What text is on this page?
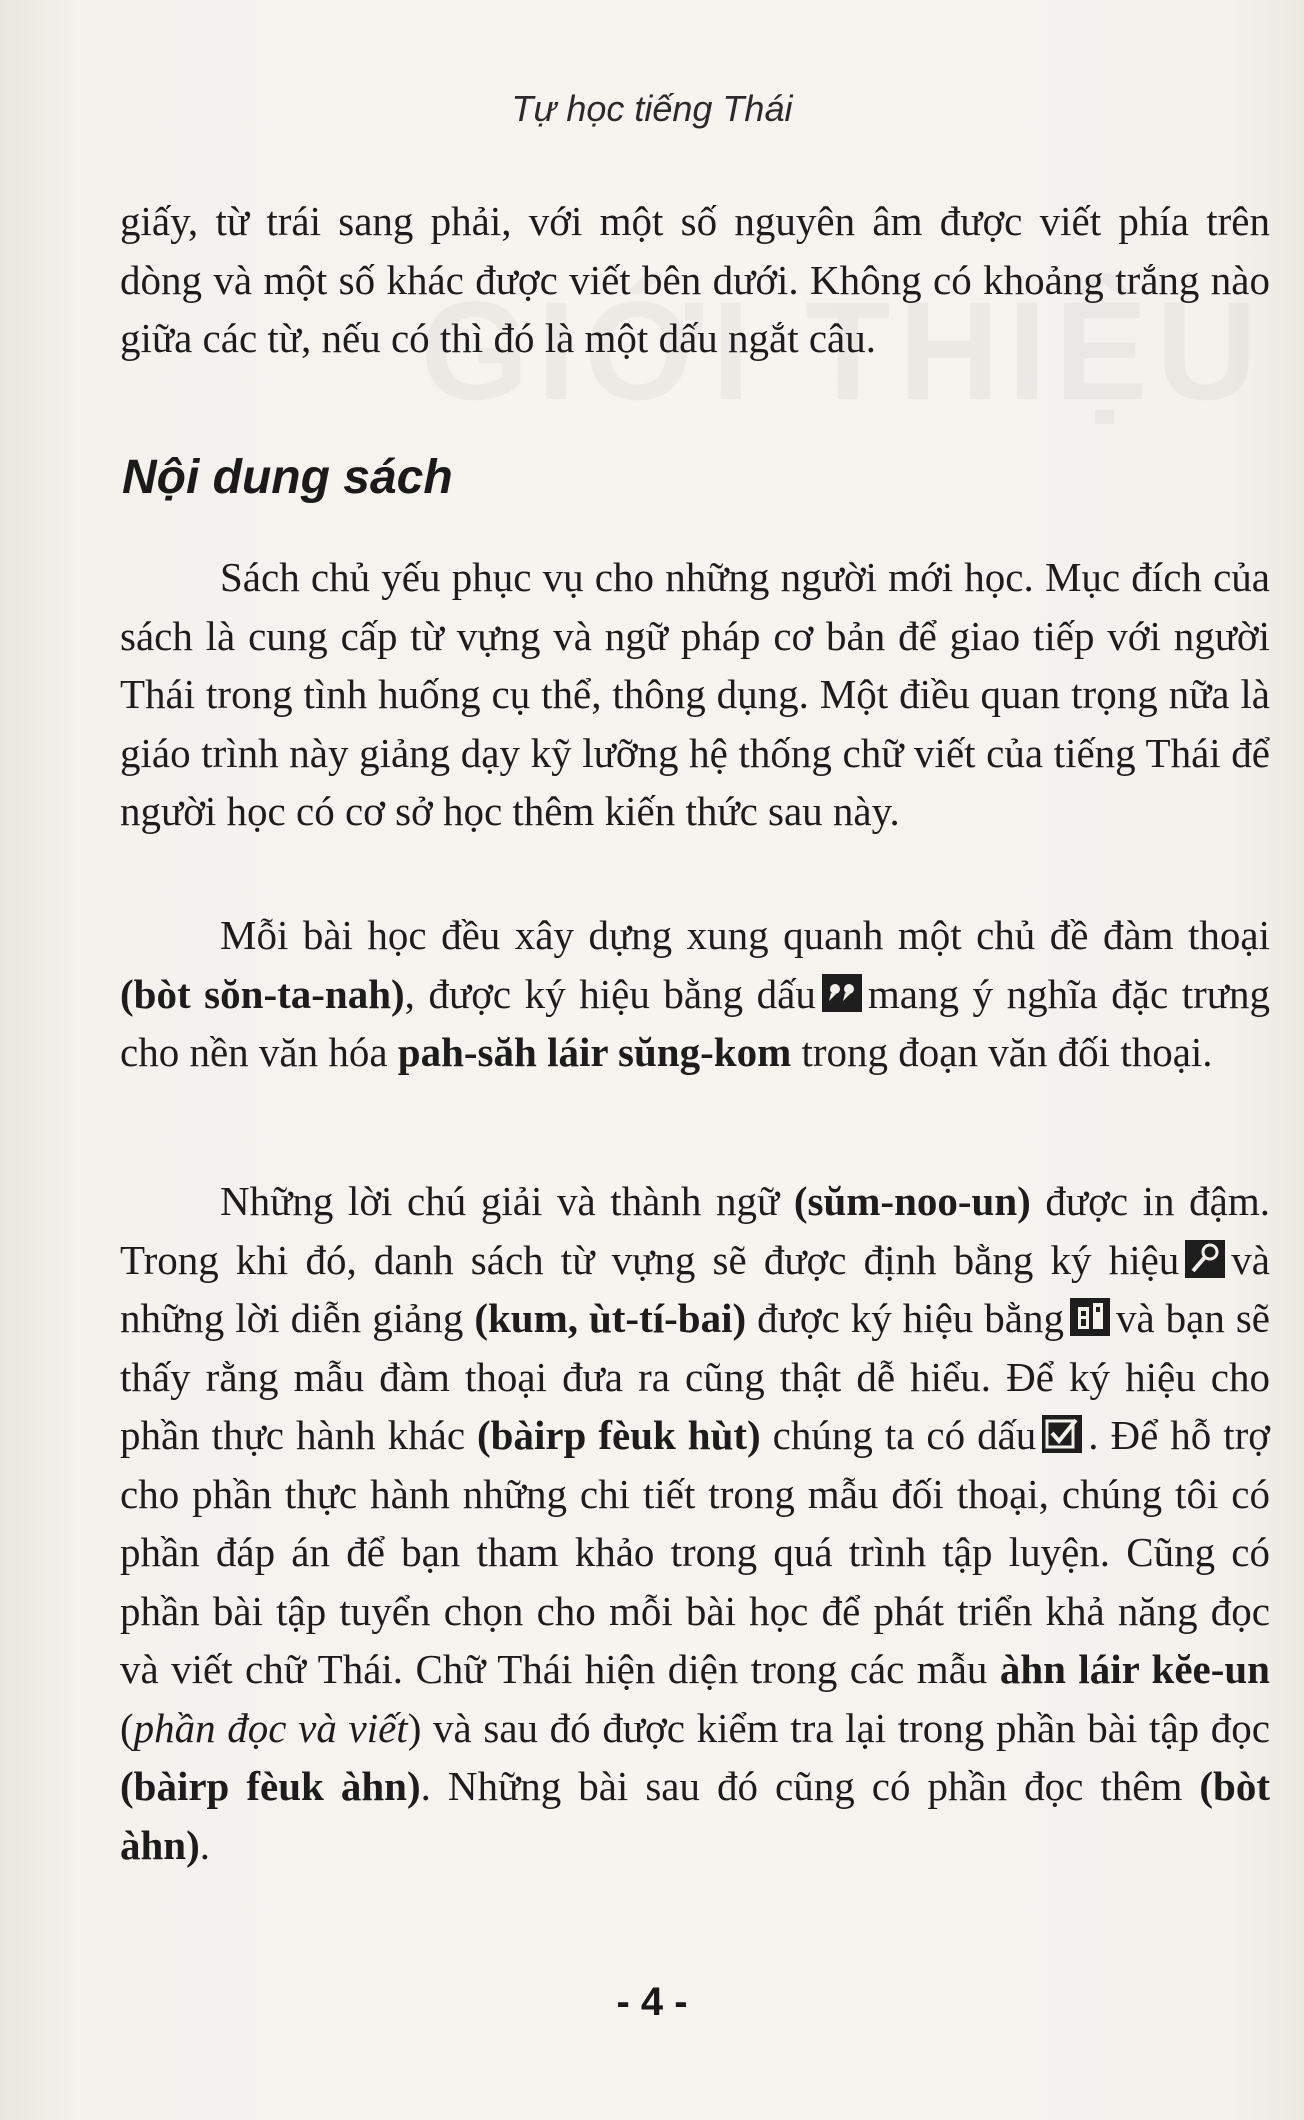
Tự học tiếng Thái

giấy, từ trái sang phải, với một số nguyên âm được viết phía trên dòng và một số khác được viết bên dưới. Không có khoảng trắng nào giữa các từ, nếu có thì đó là một dấu ngắt câu.

Nội dung sách

Sách chủ yếu phục vụ cho những người mới học. Mục đích của sách là cung cấp từ vựng và ngữ pháp cơ bản để giao tiếp với người Thái trong tình huống cụ thể, thông dụng. Một điều quan trọng nữa là giáo trình này giảng dạy kỹ lưỡng hệ thống chữ viết của tiếng Thái để người học có cơ sở học thêm kiến thức sau này.

Mỗi bài học đều xây dựng xung quanh một chủ đề đàm thoại (bòt sŏn-ta-nah), được ký hiệu bằng dấu mang ý nghĩa đặc trưng cho nền văn hóa pah-săh láir sŭng-kom trong đoạn văn đối thoại.

Những lời chú giải và thành ngữ (sŭm-noo-un) được in đậm. Trong khi đó, danh sách từ vựng sẽ được định bằng ký hiệu và những lời diễn giảng (kum, ùt-tí-bai) được ký hiệu bằng và bạn sẽ thấy rằng mẫu đàm thoại đưa ra cũng thật dễ hiểu. Để ký hiệu cho phần thực hành khác (bàirp fèuk hùt) chúng ta có dấu . Để hỗ trợ cho phần thực hành những chi tiết trong mẫu đối thoại, chúng tôi có phần đáp án để bạn tham khảo trong quá trình tập luyện. Cũng có phần bài tập tuyển chọn cho mỗi bài học để phát triển khả năng đọc và viết chữ Thái. Chữ Thái hiện diện trong các mẫu àhn láir kĕe-un (phần đọc và viết) và sau đó được kiểm tra lại trong phần bài tập đọc (bàirp fèuk àhn). Những bài sau đó cũng có phần đọc thêm (bòt àhn).

- 4 -
